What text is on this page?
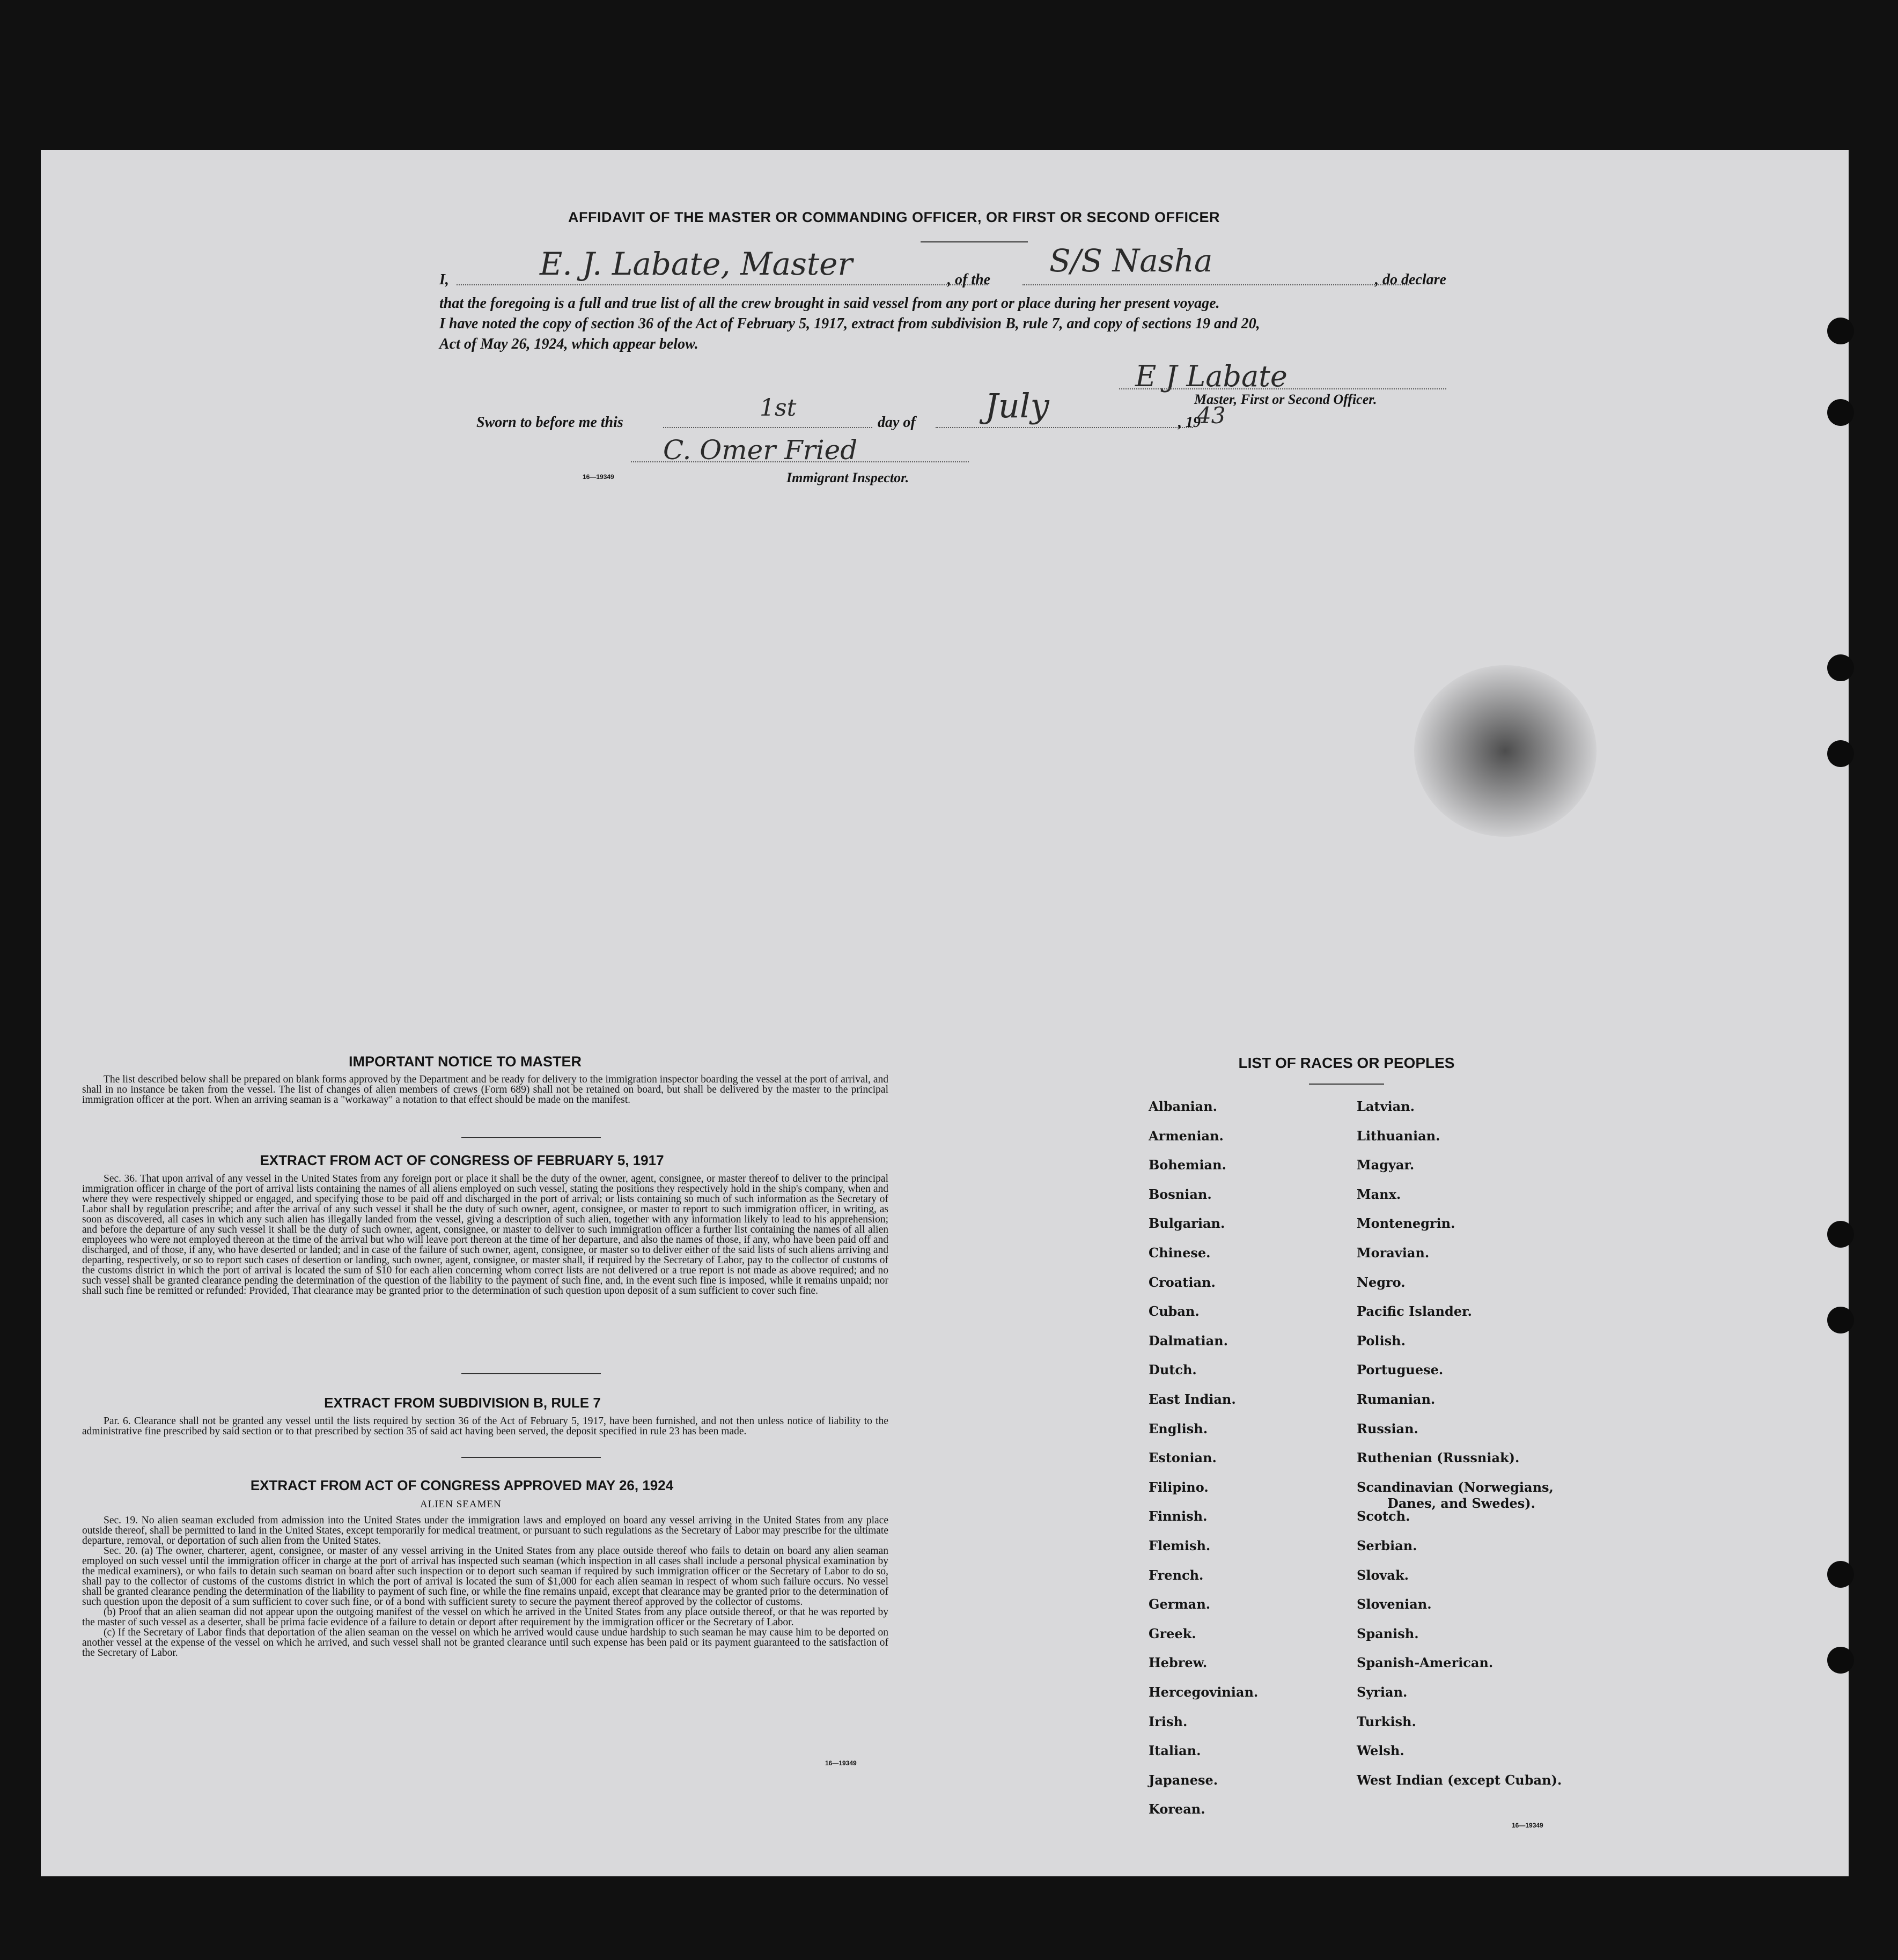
AFFIDAVIT OF THE MASTER OR COMMANDING OFFICER, OR FIRST OR SECOND OFFICER
I,	E. J. Labate, Master	, of the
S/S Nasha
, do declare
that the foregoing is a full and true list of all the crew brought in said vessel from any port or place during her present voyage.
I have noted the copy of section 36 of the Act of February 5, 1917, extract from subdivision B, rule 7, and copy of sections 19 and 20,
Act of May 26, 1924, which appear below.
E J Labate
Master, First or Second Officer.
Sworn to before me this
1st
day of July	, 19
43
C. Omer Fried
16—19349	Immigrant Inspector.
IMPORTANT NOTICE TO MASTER

The list described below shall be prepared on blank forms approved by the Department and be ready for delivery to the immigration inspector boarding the vessel at the port of arrival, and shall in no instance be taken from the vessel. The list of changes of alien members of crews (Form 689) shall not be retained on board, but shall be delivered by the master to the principal immigration officer at the port. When an arriving seaman is a "workaway" a notation to that effect should be made on the manifest.

EXTRACT FROM ACT OF CONGRESS OF FEBRUARY 5, 1917

Sec. 36. That upon arrival of any vessel in the United States from any foreign port or place it shall be the duty of the owner, agent, consignee, or master thereof to deliver to the principal immigration officer in charge of the port of arrival lists containing the names of all aliens employed on such vessel, stating the positions they respectively hold in the ship's company, when and where they were respectively shipped or engaged, and specifying those to be paid off and discharged in the port of arrival; or lists containing so much of such information as the Secretary of Labor shall by regulation prescribe; and after the arrival of any such vessel it shall be the duty of such owner, agent, consignee, or master to report to such immigration officer, in writing, as soon as discovered, all cases in which any such alien has illegally landed from the vessel, giving a description of such alien, together with any information likely to lead to his apprehension; and before the departure of any such vessel it shall be the duty of such owner, agent, consignee, or master to deliver to such immigration officer a further list containing the names of all alien employees who were not employed thereon at the time of the arrival but who will leave port thereon at the time of her departure, and also the names of those, if any, who have been paid off and discharged, and of those, if any, who have deserted or landed; and in case of the failure of such owner, agent, consignee, or master so to deliver either of the said lists of such aliens arriving and departing, respectively, or so to report such cases of desertion or landing, such owner, agent, consignee, or master shall, if required by the Secretary of Labor, pay to the collector of customs of the customs district in which the port of arrival is located the sum of $10 for each alien concerning whom correct lists are not delivered or a true report is not made as above required; and no such vessel shall be granted clearance pending the determination of the question of the liability to the payment of such fine, and, in the event such fine is imposed, while it remains unpaid; nor shall such fine be remitted or refunded: Provided, That clearance may be granted prior to the determination of such question upon deposit of a sum sufficient to cover such fine.

EXTRACT FROM SUBDIVISION B, RULE 7

Par. 6. Clearance shall not be granted any vessel until the lists required by section 36 of the Act of February 5, 1917, have been furnished, and not then unless notice of liability to the administrative fine prescribed by said section or to that prescribed by section 35 of said act having been served, the deposit specified in rule 23 has been made.

EXTRACT FROM ACT OF CONGRESS APPROVED MAY 26, 1924
ALIEN SEAMEN

Sec. 19. No alien seaman excluded from admission into the United States under the immigration laws and employed on board any vessel arriving in the United States from any place outside thereof, shall be permitted to land in the United States, except temporarily for medical treatment, or pursuant to such regulations as the Secretary of Labor may prescribe for the ultimate departure, removal, or deportation of such alien from the United States.

Sec. 20. (a) The owner, charterer, agent, consignee, or master of any vessel arriving in the United States from any place outside thereof who fails to detain on board any alien seaman employed on such vessel until the immigration officer in charge at the port of arrival has inspected such seaman (which inspection in all cases shall include a personal physical examination by the medical examiners), or who fails to detain such seaman on board after such inspection or to deport such seaman if required by such immigration officer or the Secretary of Labor to do so, shall pay to the collector of customs of the customs district in which the port of arrival is located the sum of $1,000 for each alien seaman in respect of whom such failure occurs. No vessel shall be granted clearance pending the determination of the liability to payment of such fine, or while the fine remains unpaid, except that clearance may be granted prior to the determination of such question upon the deposit of a sum sufficient to cover such fine, or of a bond with sufficient surety to secure the payment thereof approved by the collector of customs.

(b) Proof that an alien seaman did not appear upon the outgoing manifest of the vessel on which he arrived in the United States from any place outside thereof, or that he was reported by the master of such vessel as a deserter, shall be prima facie evidence of a failure to detain or deport after requirement by the immigration officer or the Secretary of Labor.

(c) If the Secretary of Labor finds that deportation of the alien seaman on the vessel on which he arrived would cause undue hardship to such seaman he may cause him to be deported on another vessel at the expense of the vessel on which he arrived, and such vessel shall not be granted clearance until such expense has been paid or its payment guaranteed to the satisfaction of the Secretary of Labor.

16—19349
LIST OF RACES OR PEOPLES
16—19349
Albanian.
Armenian.
Bohemian.
Bosnian.
Bulgarian.
Chinese.
Croatian.
Cuban.
Dalmatian.
Dutch.
East Indian.
English.
Estonian.
Filipino.
Finnish.
Flemish.
French.
German.
Greek.
Hebrew.
Hercegovinian.
Irish.
Italian.
Japanese.
Korean.
Latvian.
Lithuanian.
Magyar.
Manx.
Montenegrin.
Moravian.
Negro.
Pacific Islander.
Polish.
Portuguese.
Rumanian.
Russian.
Ruthenian (Russniak).
Scandinavian (Norwegians,
Danes, and Swedes).
Scotch.
Serbian.
Slovak.
Slovenian.
Spanish.
Spanish-American.
Syrian.
Turkish.
Welsh.
West Indian (except Cuban).
